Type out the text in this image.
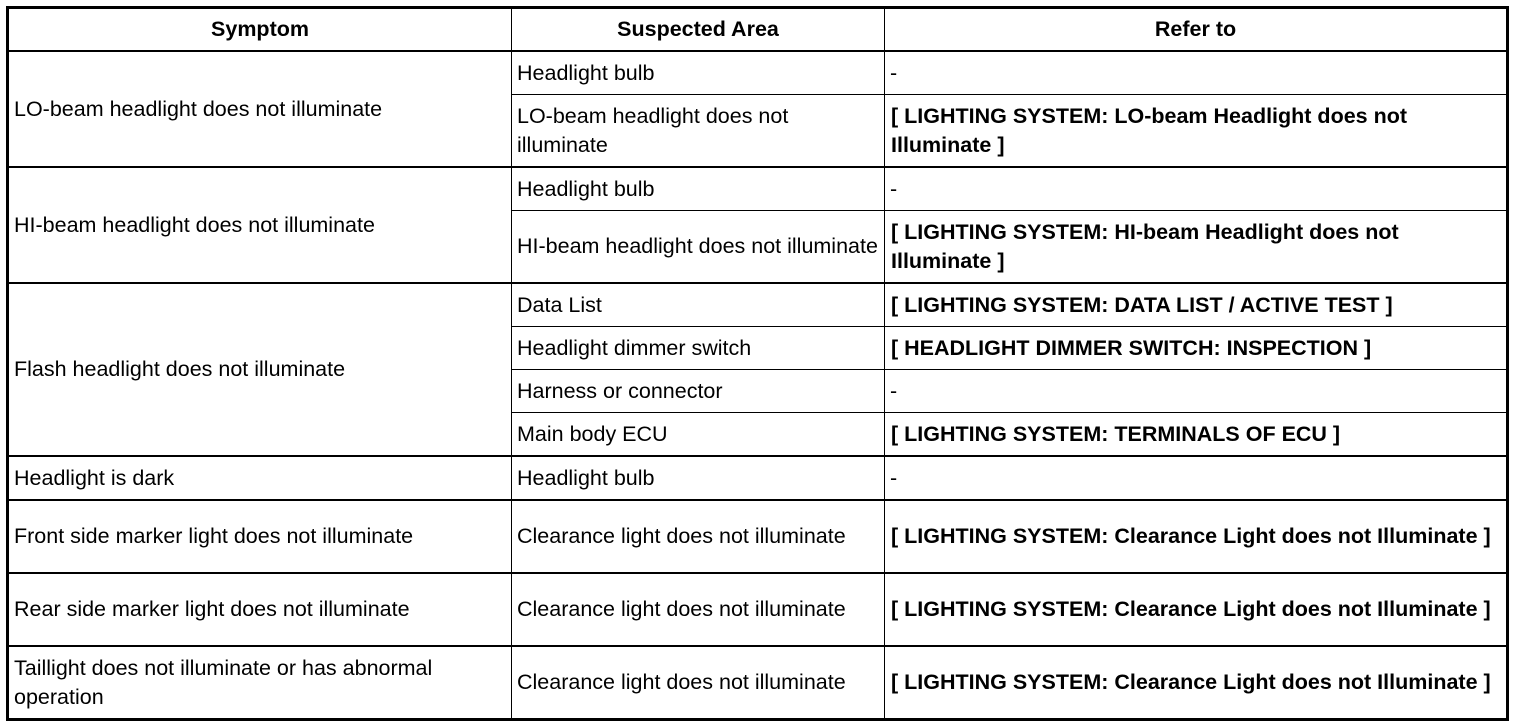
Symptom	Suspected Area	Refer to
LO-beam headlight does not illuminate	Headlight bulb	-
	LO-beam headlight does not illuminate	[ LIGHTING SYSTEM: LO-beam Headlight does not Illuminate ]
HI-beam headlight does not illuminate	Headlight bulb	-
	HI-beam headlight does not illuminate	[ LIGHTING SYSTEM: HI-beam Headlight does not Illuminate ]
Flash headlight does not illuminate	Data List	[ LIGHTING SYSTEM: DATA LIST / ACTIVE TEST ]
	Headlight dimmer switch	[ HEADLIGHT DIMMER SWITCH: INSPECTION ]
	Harness or connector	-
	Main body ECU	[ LIGHTING SYSTEM: TERMINALS OF ECU ]
Headlight is dark	Headlight bulb	-
Front side marker light does not illuminate	Clearance light does not illuminate	[ LIGHTING SYSTEM: Clearance Light does not Illuminate ]
Rear side marker light does not illuminate	Clearance light does not illuminate	[ LIGHTING SYSTEM: Clearance Light does not Illuminate ]
Taillight does not illuminate or has abnormal operation	Clearance light does not illuminate	[ LIGHTING SYSTEM: Clearance Light does not Illuminate ]
